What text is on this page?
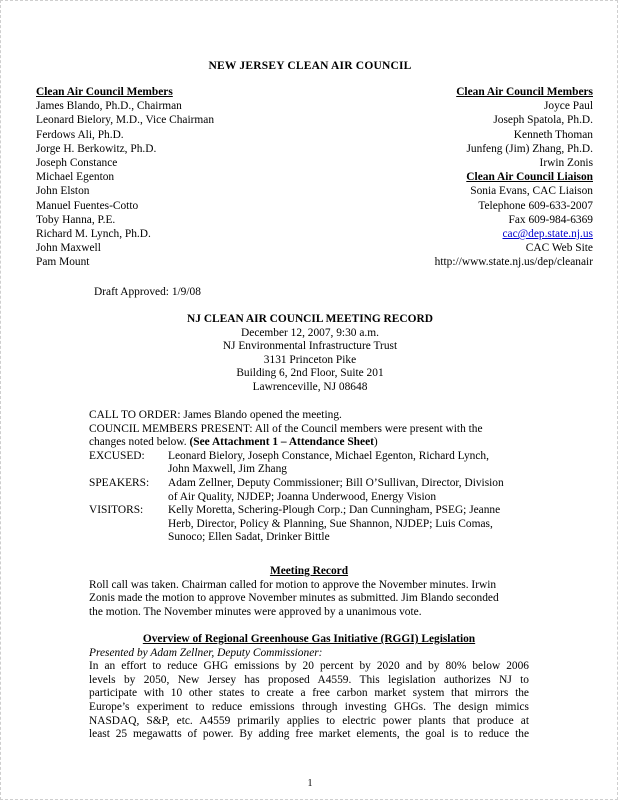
NEW JERSEY CLEAN AIR COUNCIL
Clean Air Council Members
James Blando, Ph.D., Chairman
Leonard Bielory, M.D., Vice Chairman
Ferdows Ali, Ph.D.
Jorge H. Berkowitz, Ph.D.
Joseph Constance
Michael Egenton
John Elston
Manuel Fuentes-Cotto
Toby Hanna, P.E.
Richard M. Lynch, Ph.D.
John Maxwell
Pam Mount
Clean Air Council Members
Joyce Paul
Joseph Spatola, Ph.D.
Kenneth Thoman
Junfeng (Jim) Zhang, Ph.D.
Irwin Zonis
Clean Air Council Liaison
Sonia Evans, CAC Liaison
Telephone 609-633-2007
Fax 609-984-6369
cac@dep.state.nj.us
CAC Web Site
http://www.state.nj.us/dep/cleanair
Draft Approved: 1/9/08
NJ CLEAN AIR COUNCIL MEETING RECORD
December 12, 2007, 9:30 a.m.
NJ Environmental Infrastructure Trust
3131 Princeton Pike
Building 6, 2nd Floor, Suite 201
Lawrenceville, NJ 08648
CALL TO ORDER: James Blando opened the meeting.
COUNCIL MEMBERS PRESENT: All of the Council members were present with the
changes noted below. (See Attachment 1 – Attendance Sheet)
EXCUSED:	Leonard Bielory, Joseph Constance, Michael Egenton, Richard Lynch,
John Maxwell, Jim Zhang
SPEAKERS:	Adam Zellner, Deputy Commissioner; Bill O’Sullivan, Director, Division
of Air Quality, NJDEP; Joanna Underwood, Energy Vision
VISITORS:	Kelly Moretta, Schering-Plough Corp.; Dan Cunningham, PSEG; Jeanne
Herb, Director, Policy & Planning, Sue Shannon, NJDEP; Luis Comas,
Sunoco; Ellen Sadat, Drinker Bittle
Meeting Record
Roll call was taken. Chairman called for motion to approve the November minutes. Irwin
Zonis made the motion to approve November minutes as submitted. Jim Blando seconded
the motion. The November minutes were approved by a unanimous vote.
Overview of Regional Greenhouse Gas Initiative (RGGI) Legislation
Presented by Adam Zellner, Deputy Commissioner:
In an effort to reduce GHG emissions by 20 percent by 2020 and by 80% below 2006
levels by 2050, New Jersey has proposed A4559. This legislation authorizes NJ to
participate with 10 other states to create a free carbon market system that mirrors the
Europe’s experiment to reduce emissions through investing GHGs. The design mimics
NASDAQ, S&P, etc. A4559 primarily applies to electric power plants that produce at
least 25 megawatts of power. By adding free market elements, the goal is to reduce the
1
